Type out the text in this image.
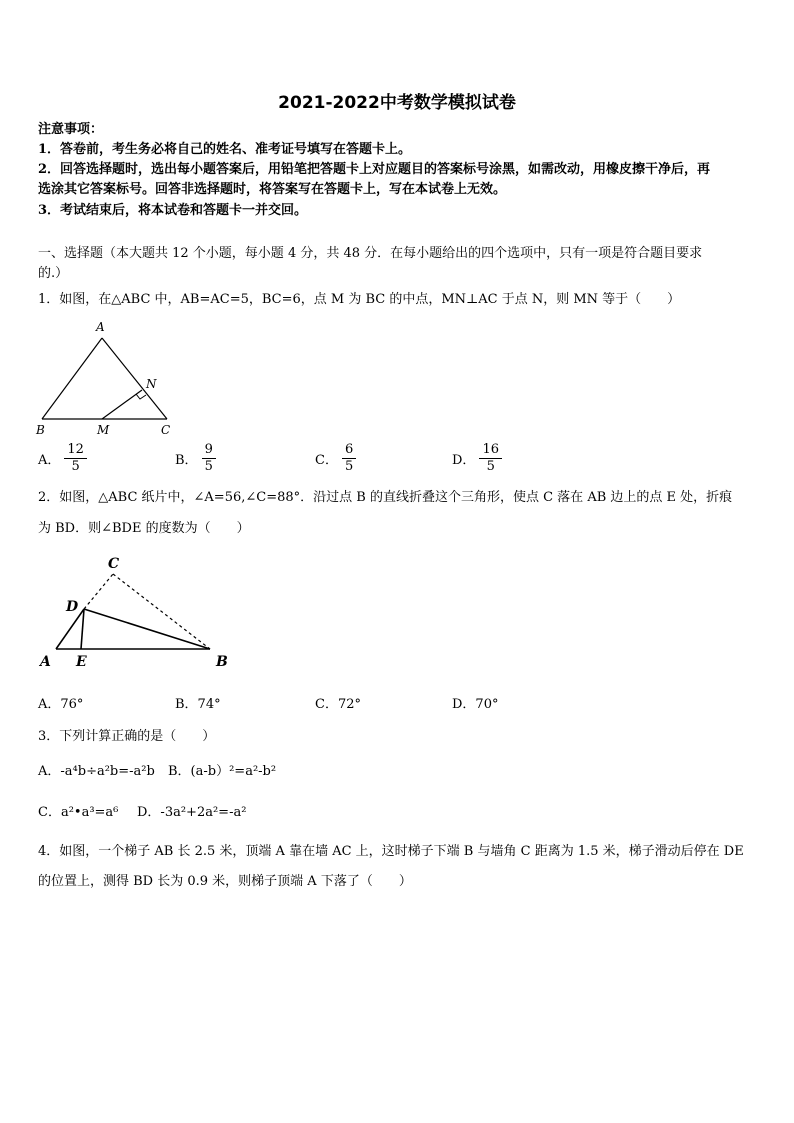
2021-2022中考数学模拟试卷
注意事项：
1．答卷前，考生务必将自己的姓名、准考证号填写在答题卡上。
2．回答选择题时，选出每小题答案后，用铅笔把答题卡上对应题目的答案标号涂黑，如需改动，用橡皮擦干净后，再
选涂其它答案标号。回答非选择题时，将答案写在答题卡上，写在本试卷上无效。
3．考试结束后，将本试卷和答题卡一并交回。
一、选择题（本大题共 12 个小题，每小题 4 分，共 48 分．在每小题给出的四个选项中，只有一项是符合题目要求
的.）
1．如图，在△ABC 中，AB=AC=5，BC=6，点 M 为 BC 的中点，MN⊥AC 于点 N，则 MN 等于（　　）
A
N
B	M	C
A． $\frac{12}{5}$	B． $\frac{9}{5}$	C． $\frac{6}{5}$	D． $\frac{16}{5}$
2．如图，△ABC 纸片中，∠A=56,∠C=88°．沿过点 B 的直线折叠这个三角形，使点 C 落在 AB 边上的点 E 处，折痕
为 BD．则∠BDE 的度数为（　　）
C
D
A E	B
A．76°	B．74°	C．72°	D．70°
3．下列计算正确的是（　　）
A．-a⁴b÷a²b=-a²b B．(a-b）²=a²-b²
C．a²•a³=a⁶ D．-3a²+2a²=-a²
4．如图，一个梯子 AB 长 2.5 米，顶端 A 靠在墙 AC 上，这时梯子下端 B 与墙角 C 距离为 1.5 米，梯子滑动后停在 DE
的位置上，测得 BD 长为 0.9 米，则梯子顶端 A 下落了（　　）
